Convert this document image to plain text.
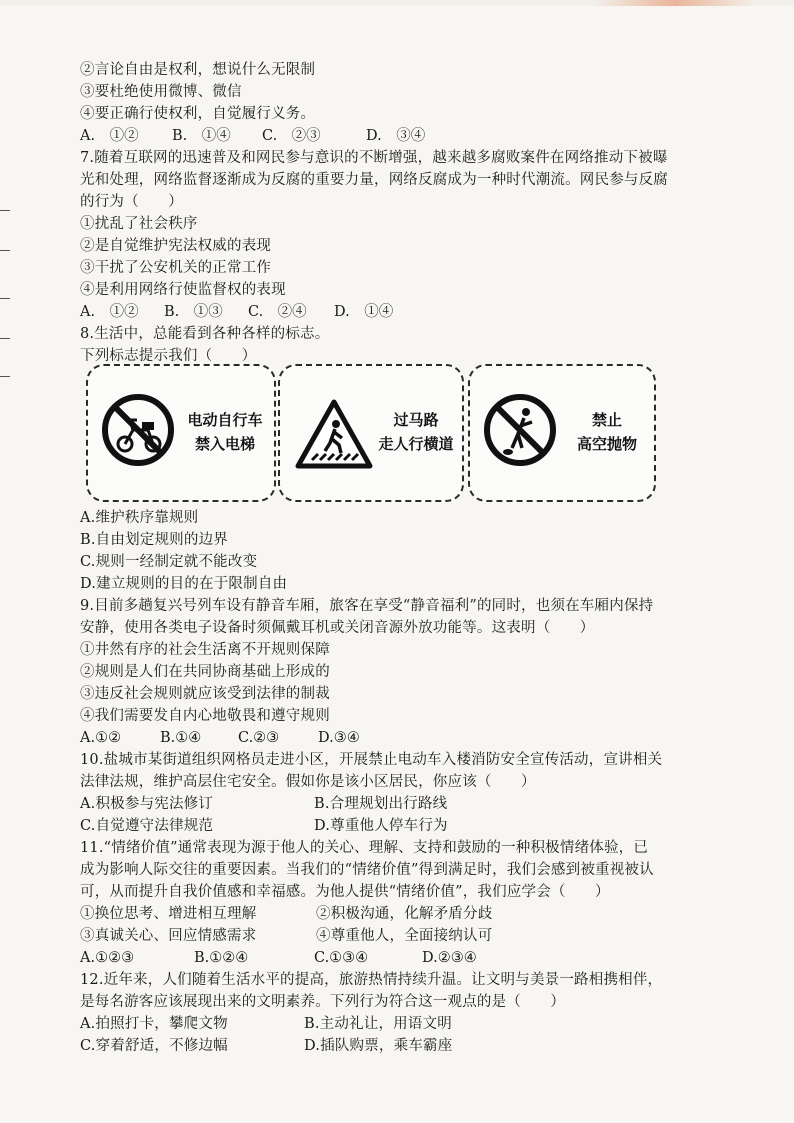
②言论自由是权利，想说什么无限制
③要杜绝使用微博、微信
④要正确行使权利，自觉履行义务。
A.　①② B.　①④ C.　②③	D.　③④
7.随着互联网的迅速普及和网民参与意识的不断增强，越来越多腐败案件在网络推动下被曝
光和处理，网络监督逐渐成为反腐的重要力量，网络反腐成为一种时代潮流。网民参与反腐
的行为（　　）
①扰乱了社会秩序
②是自觉维护宪法权威的表现
③干扰了公安机关的正常工作
④是利用网络行使监督权的表现
A.　①② B.　①③ C.　②④ D.　①④
8.生活中，总能看到各种各样的标志。
下列标志提示我们（　　）
电动自行车
禁入电梯
过马路
走人行横道
禁止
高空抛物
A.维护秩序靠规则
B.自由划定规则的边界
C.规则一经制定就不能改变
D.建立规则的目的在于限制自由
9.目前多趟复兴号列车设有静音车厢，旅客在享受“静音福利”的同时，也须在车厢内保持
安静，使用各类电子设备时须佩戴耳机或关闭音源外放功能等。这表明（　　）
①井然有序的社会生活离不开规则保障
②规则是人们在共同协商基础上形成的
③违反社会规则就应该受到法律的制裁
④我们需要发自内心地敬畏和遵守规则
A.①②	B.①④	C.②③	D.③④
10.盐城市某街道组织网格员走进小区，开展禁止电动车入楼消防安全宣传活动，宣讲相关
法律法规，维护高层住宅安全。假如你是该小区居民，你应该（　　）
A.积极参与宪法修订	B.合理规划出行路线
C.自觉遵守法律规范	D.尊重他人停车行为
11.“情绪价值”通常表现为源于他人的关心、理解、支持和鼓励的一种积极情绪体验，已
成为影响人际交往的重要因素。当我们的“情绪价值”得到满足时，我们会感到被重视被认
可，从而提升自我价值感和幸福感。为他人提供“情绪价值”，我们应学会（　　）
①换位思考、增进相互理解	②积极沟通，化解矛盾分歧
③真诚关心、回应情感需求	④尊重他人，全面接纳认可
A.①②③	B.①②④	C.①③④	D.②③④
12.近年来，人们随着生活水平的提高，旅游热情持续升温。让文明与美景一路相携相伴，
是每名游客应该展现出来的文明素养。下列行为符合这一观点的是（　　）
A.拍照打卡，攀爬文物	B.主动礼让，用语文明
C.穿着舒适，不修边幅	D.插队购票，乘车霸座
